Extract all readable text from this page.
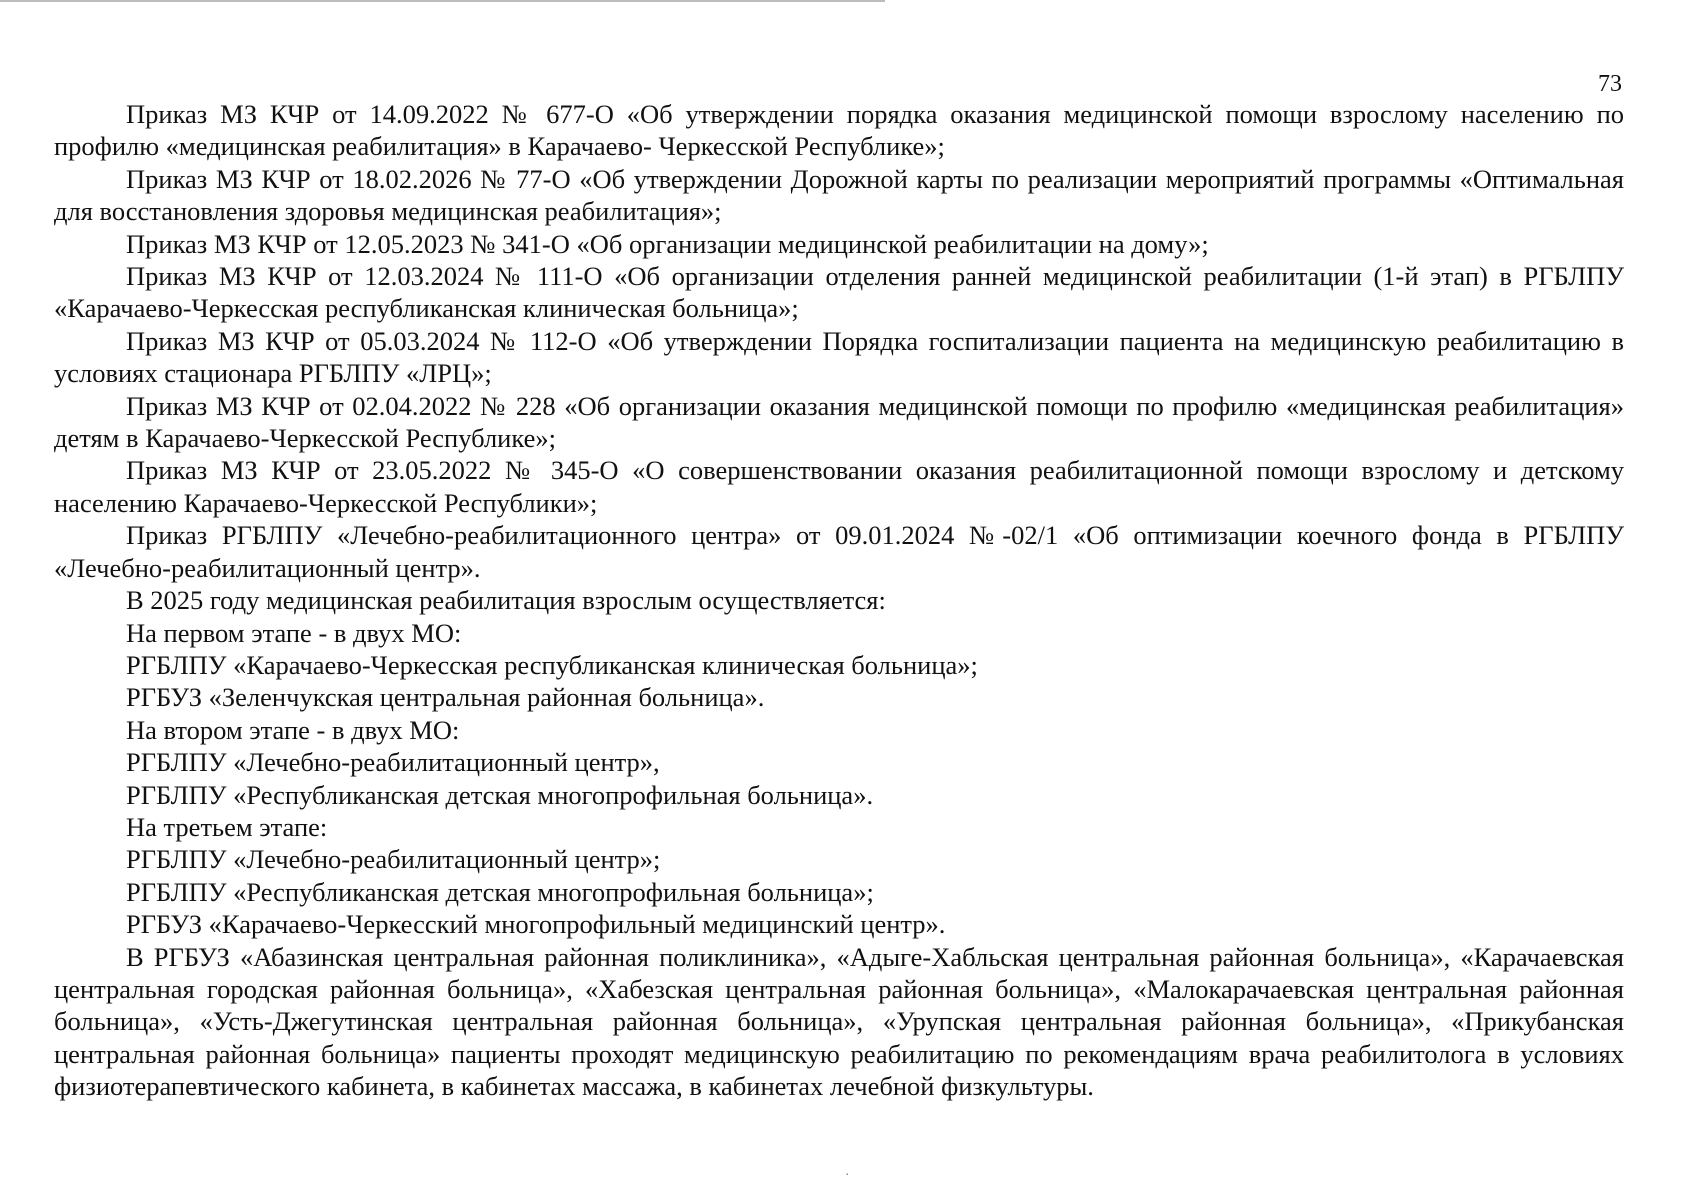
73

Приказ МЗ КЧР от 14.09.2022 № 677-О «Об утверждении порядка оказания медицинской помощи взрослому населению по профилю «медицинская реабилитация» в Карачаево- Черкесской Республике»;

Приказ МЗ КЧР от 18.02.2026 № 77-О «Об утверждении Дорожной карты по реализации мероприятий программы «Оптимальная для восстановления здоровья медицинская реабилитация»;

Приказ МЗ КЧР от 12.05.2023 № 341-О «Об организации медицинской реабилитации на дому»;

Приказ МЗ КЧР от 12.03.2024 № 111-О «Об организации отделения ранней медицинской реабилитации (1-й этап) в РГБЛПУ «Карачаево-Черкесская республиканская клиническая больница»;

Приказ МЗ КЧР от 05.03.2024 № 112-О «Об утверждении Порядка госпитализации пациента на медицинскую реабилитацию в условиях стационара РГБЛПУ «ЛРЦ»;

Приказ МЗ КЧР от 02.04.2022 № 228 «Об организации оказания медицинской помощи по профилю «медицинская реабилитация» детям в Карачаево-Черкесской Республике»;

Приказ МЗ КЧР от 23.05.2022 № 345-О «О совершенствовании оказания реабилитационной помощи взрослому и детскому населению Карачаево-Черкесской Республики»;

Приказ РГБЛПУ «Лечебно-реабилитационного центра» от 09.01.2024 №-02/1 «Об оптимизации коечного фонда в РГБЛПУ «Лечебно-реабилитационный центр».

В 2025 году медицинская реабилитация взрослым осуществляется:

На первом этапе - в двух МО:

РГБЛПУ «Карачаево-Черкесская республиканская клиническая больница»;

РГБУЗ «Зеленчукская центральная районная больница».

На втором этапе - в двух МО:

РГБЛПУ «Лечебно-реабилитационный центр»,

РГБЛПУ «Республиканская детская многопрофильная больница».

На третьем этапе:

РГБЛПУ «Лечебно-реабилитационный центр»;

РГБЛПУ «Республиканская детская многопрофильная больница»;

РГБУЗ «Карачаево-Черкесский многопрофильный медицинский центр».

В РГБУЗ «Абазинская центральная районная поликлиника», «Адыге-Хабльская центральная районная больница», «Карачаевская центральная городская районная больница», «Хабезская центральная районная больница», «Малокарачаевская центральная районная больница», «Усть-Джегутинская центральная районная больница», «Урупская центральная районная больница», «Прикубанская центральная районная больница» пациенты проходят медицинскую реабилитацию по рекомендациям врача реабилитолога в условиях физиотерапевтического кабинета, в кабинетах массажа, в кабинетах лечебной физкультуры.

·
